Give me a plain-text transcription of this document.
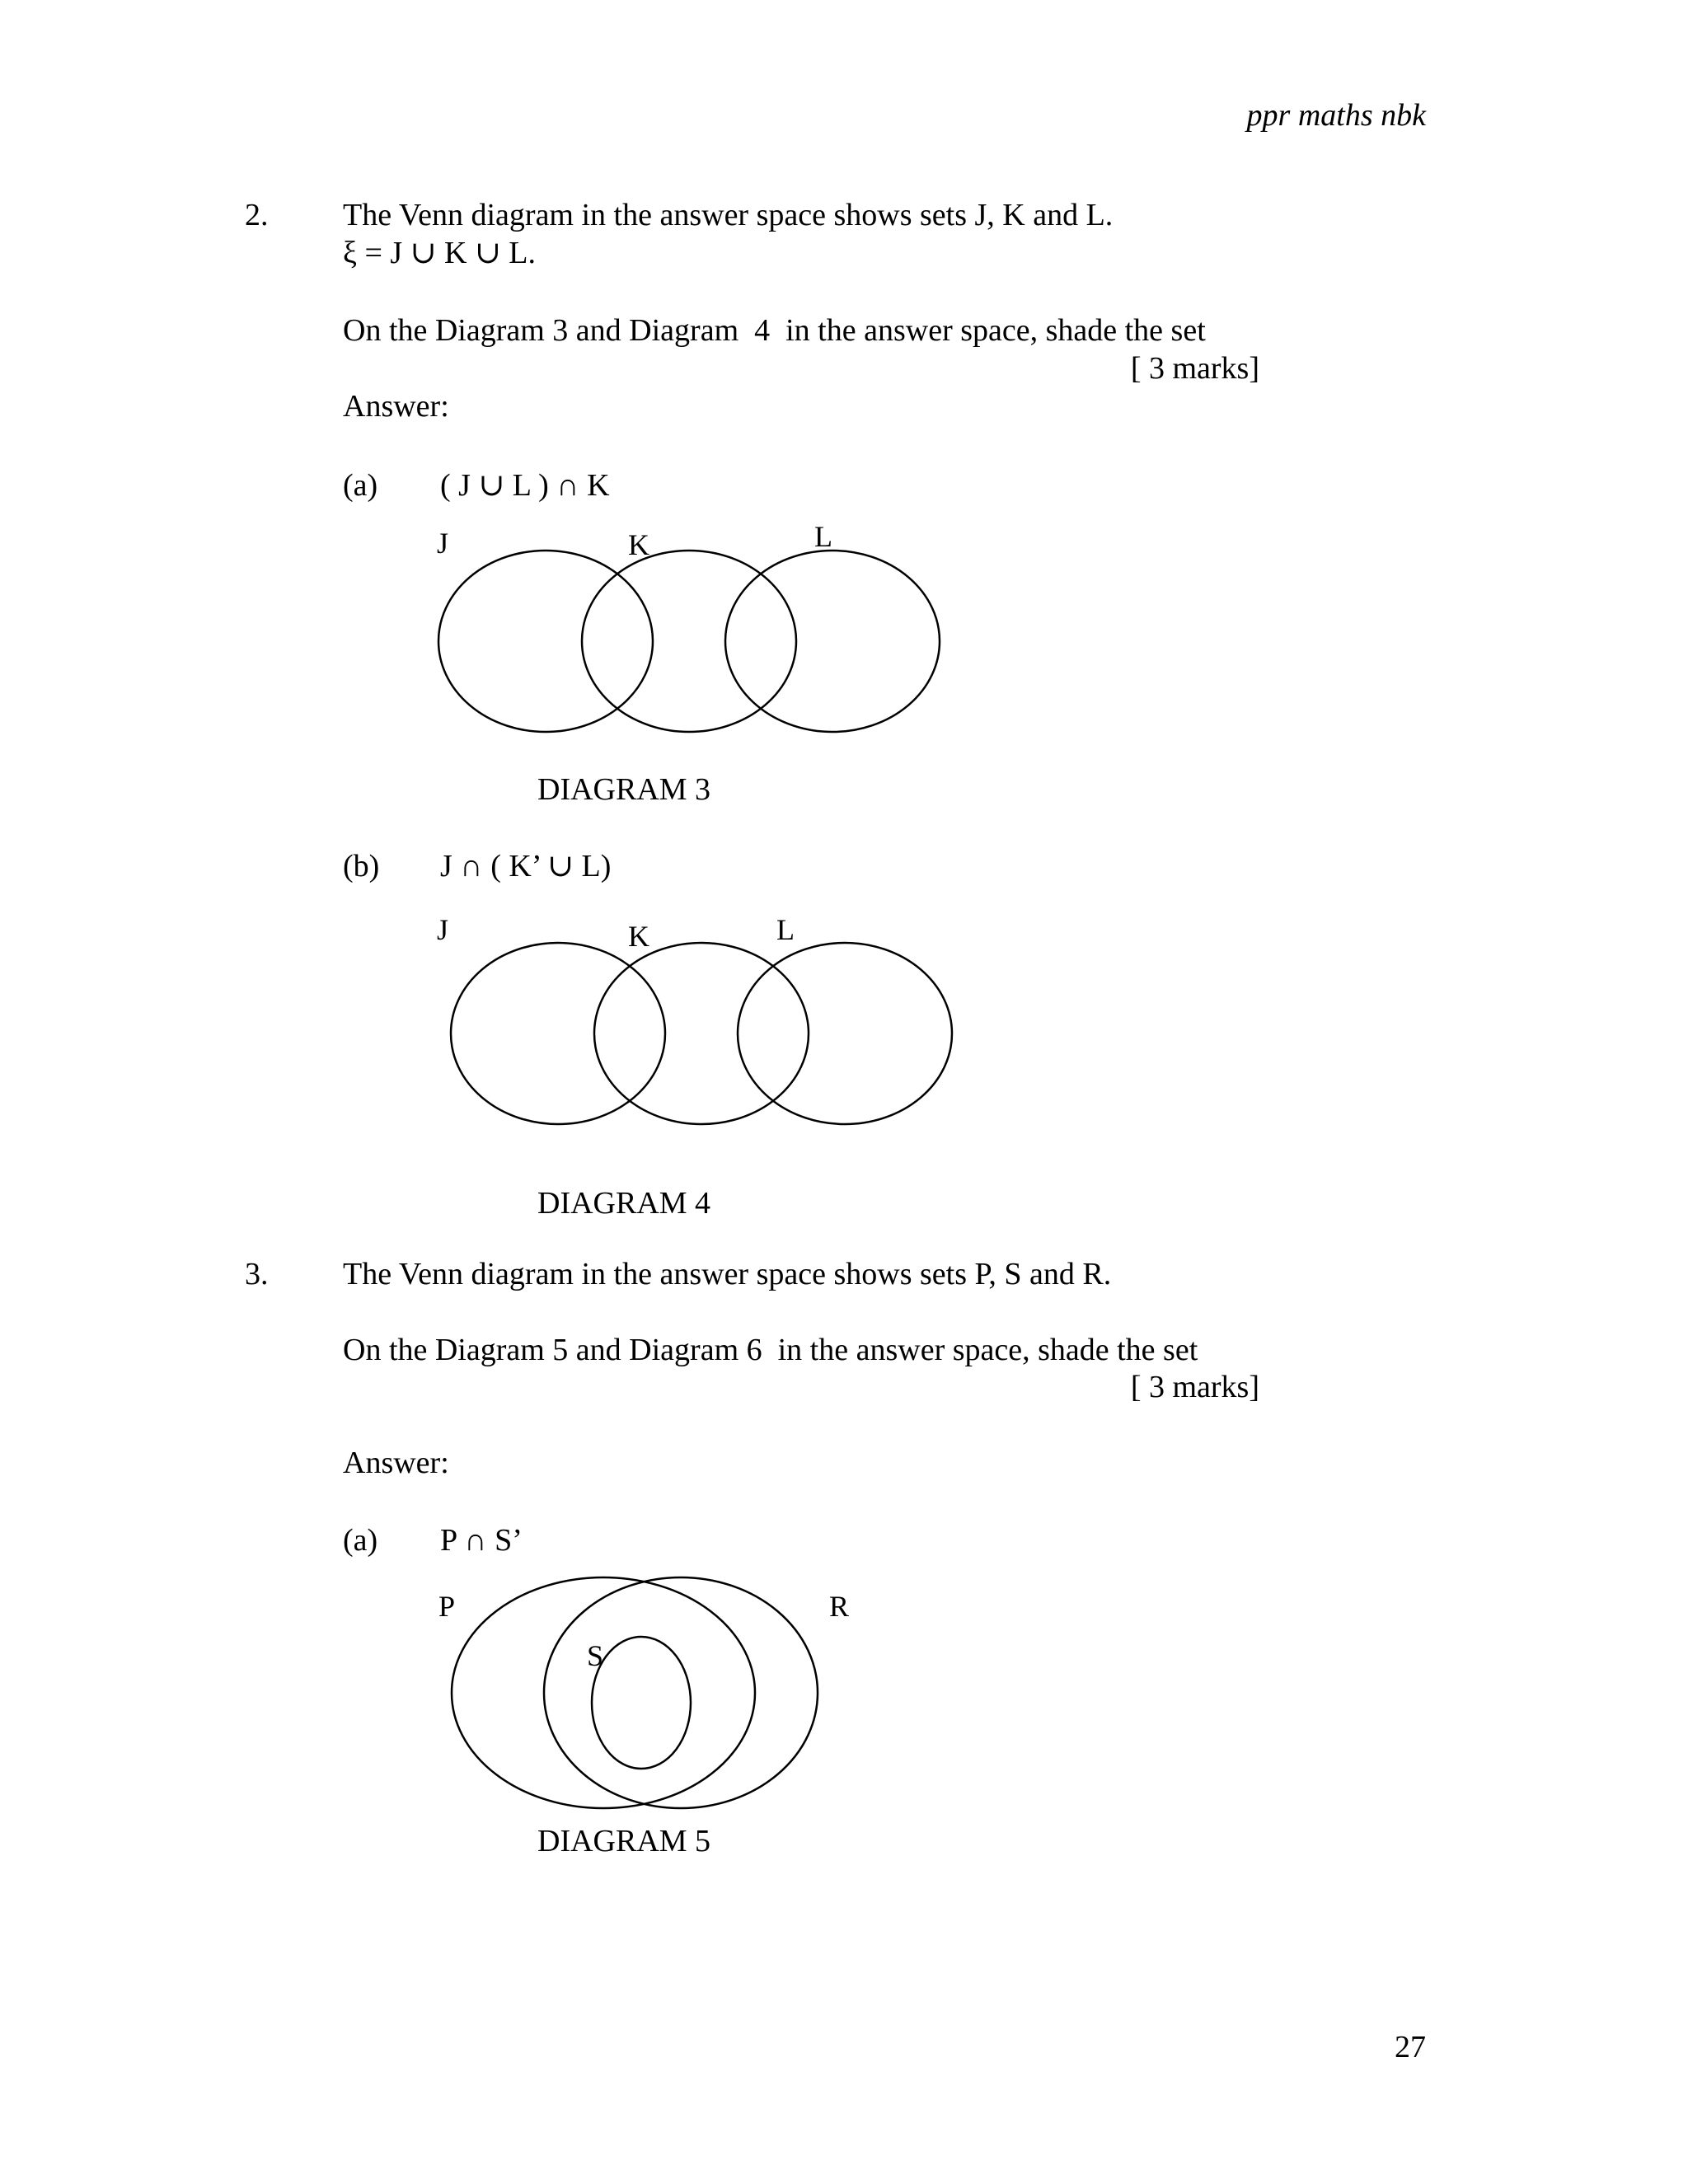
ppr maths nbk
2. The Venn diagram in the answer space shows sets J, K and L.
ξ = J ∪ K ∪ L.
On the Diagram 3 and Diagram  4  in the answer space, shade the set
[ 3 marks]
Answer:
(a) ( J ∪ L ) ∩ K
J	K	L
DIAGRAM 3
(b) J ∩ ( K’ ∪ L)
J	K	L
DIAGRAM 4
3. The Venn diagram in the answer space shows sets P, S and R.
On the Diagram 5 and Diagram 6  in the answer space, shade the set
[ 3 marks]
Answer:
(a) P ∩ S’
P
S
R
DIAGRAM 5
27
